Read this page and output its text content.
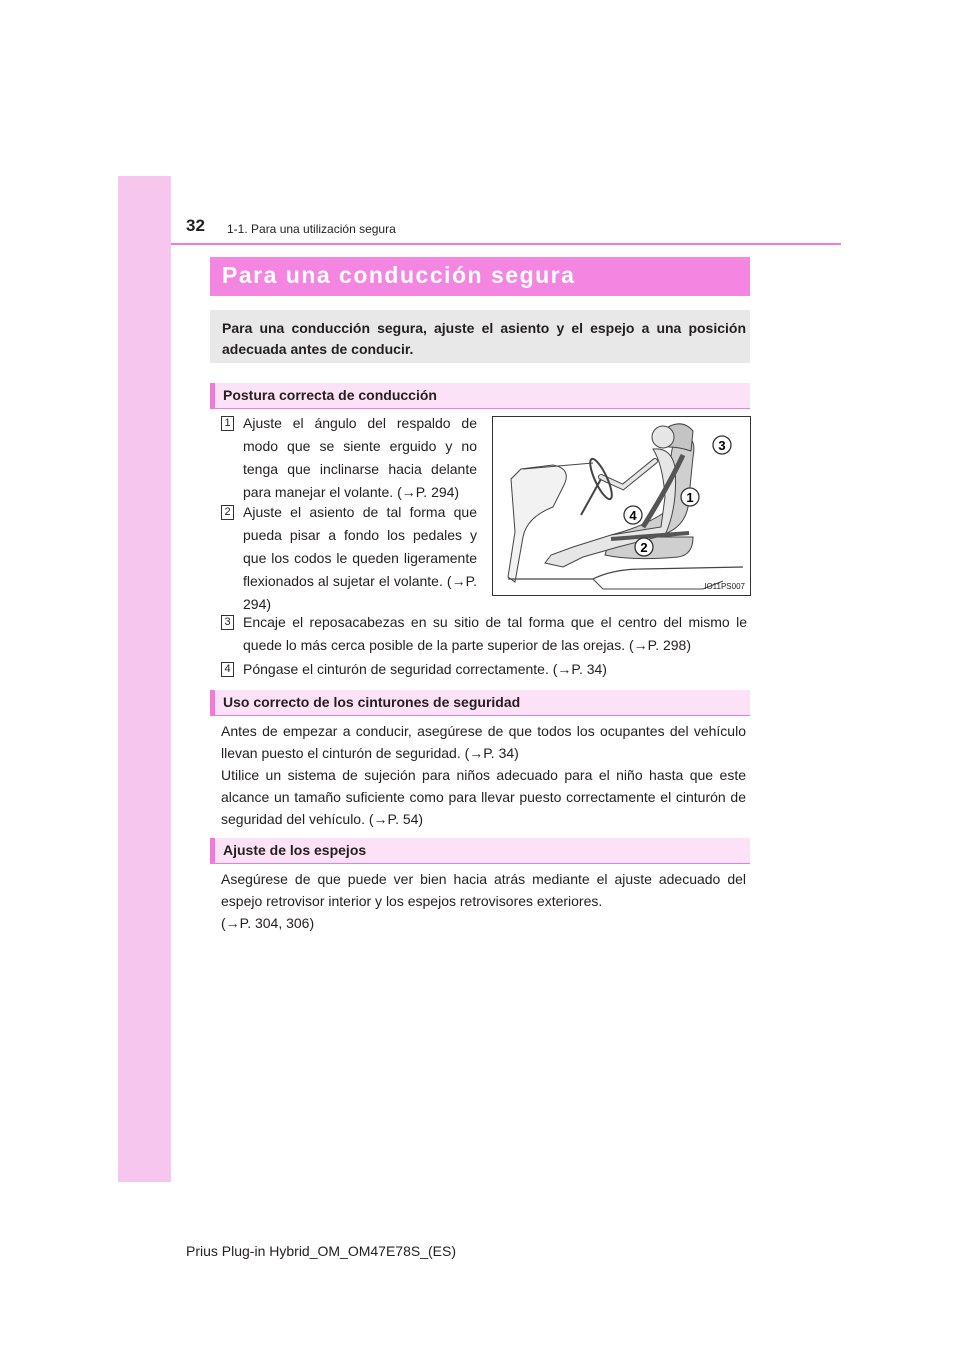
32 1-1. Para una utilización segura
Para una conducción segura

Para una conducción segura, ajuste el asiento y el espejo a una posición adecuada antes de conducir.

Postura correcta de conducción
1 Ajuste el ángulo del respaldo de modo que se siente erguido y no tenga que inclinarse hacia delante para manejar el volante. (→P. 294)
2 Ajuste el asiento de tal forma que pueda pisar a fondo los pedales y que los codos le queden ligeramente flexionados al sujetar el volante. (→P. 294)
3 Encaje el reposacabezas en su sitio de tal forma que el centro del mismo le quede lo más cerca posible de la parte superior de las orejas. (→P. 298)
4 Póngase el cinturón de seguridad correctamente. (→P. 34)
3
1
4
2
IO11PS007
Uso correcto de los cinturones de seguridad

Antes de empezar a conducir, asegúrese de que todos los ocupantes del vehículo llevan puesto el cinturón de seguridad. (→P. 34)

Utilice un sistema de sujeción para niños adecuado para el niño hasta que este alcance un tamaño suficiente como para llevar puesto correctamente el cinturón de seguridad del vehículo. (→P. 54)

Ajuste de los espejos

Asegúrese de que puede ver bien hacia atrás mediante el ajuste adecuado del espejo retrovisor interior y los espejos retrovisores exteriores.

(→P. 304, 306)

Prius Plug-in Hybrid_OM_OM47E78S_(ES)
